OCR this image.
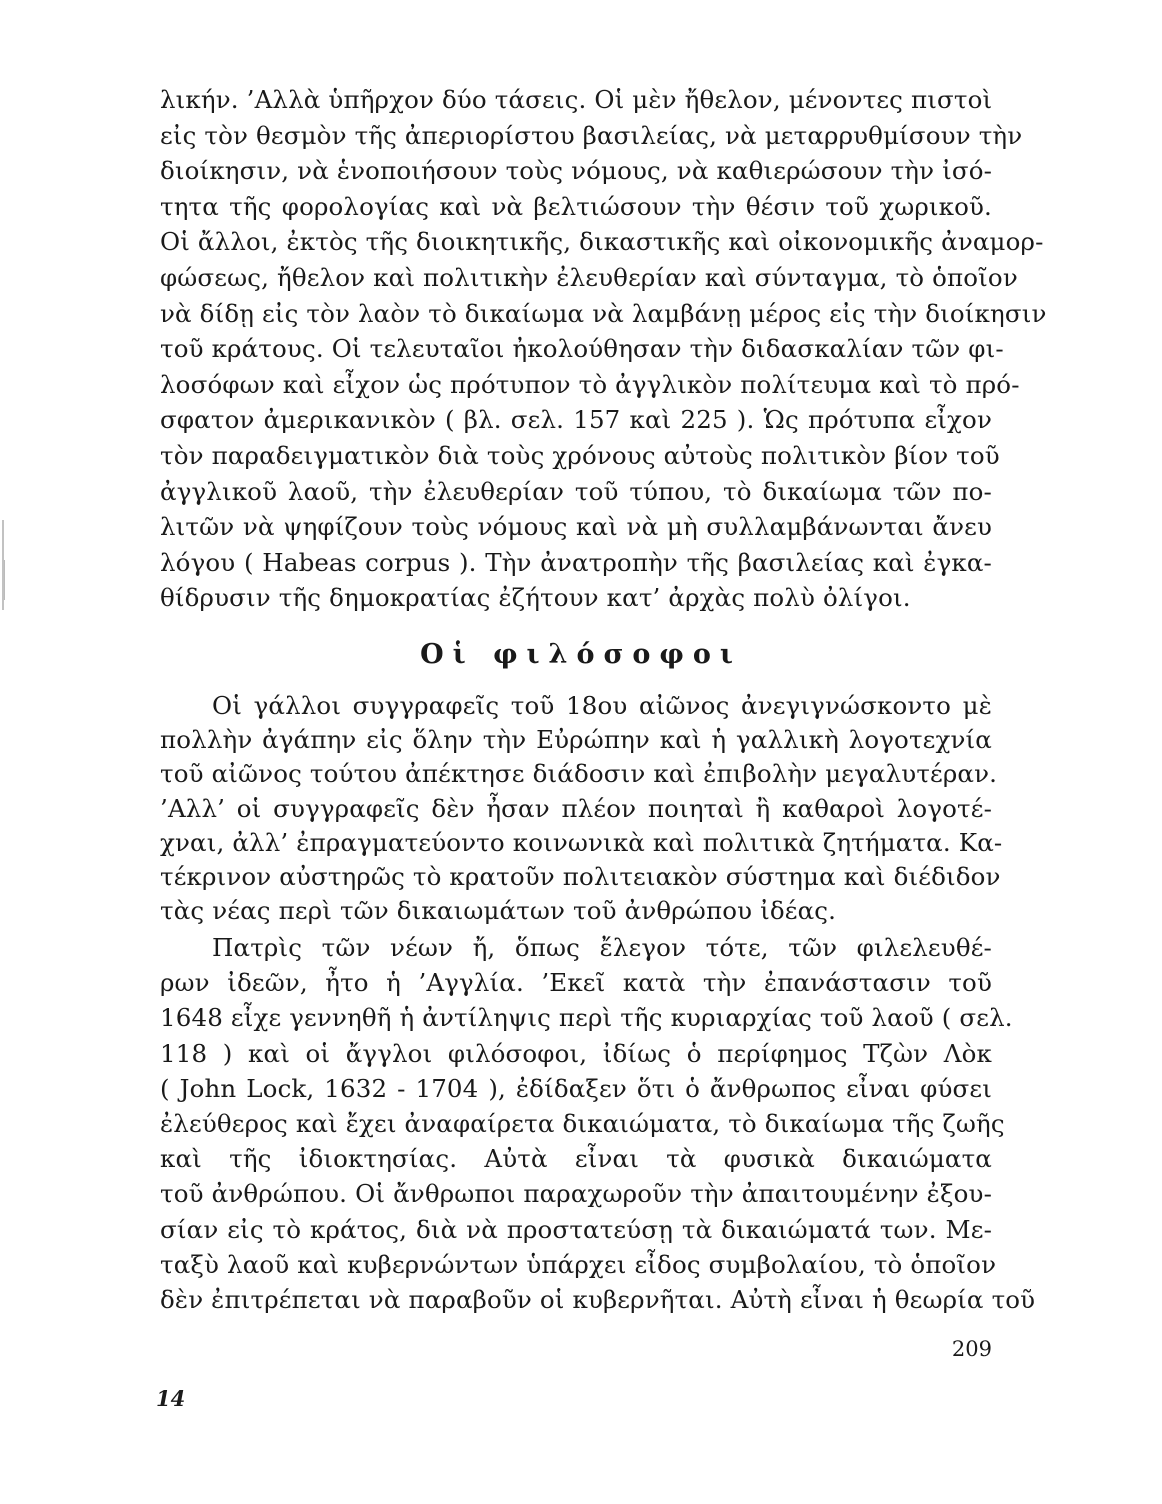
λικήν. ’Αλλὰ ὑπῆρχον δύο τάσεις. Οἱ μὲν ἤθελον, μένοντες πιστοὶ
εἰς τὸν θεσμὸν τῆς ἀπεριορίστου βασιλείας, νὰ μεταρρυθμίσουν τὴν
διοίκησιν, νὰ ἑνοποιήσουν τοὺς νόμους, νὰ καθιερώσουν τὴν ἰσό-
τητα τῆς φορολογίας καὶ νὰ βελτιώσουν τὴν θέσιν τοῦ χωρικοῦ.
Οἱ ἄλλοι, ἐκτὸς τῆς διοικητικῆς, δικαστικῆς καὶ οἰκονομικῆς ἀναμορ-
φώσεως, ἤθελον καὶ πολιτικὴν ἐλευθερίαν καὶ σύνταγμα, τὸ ὁποῖον
νὰ δίδῃ εἰς τὸν λαὸν τὸ δικαίωμα νὰ λαμβάνῃ μέρος εἰς τὴν διοίκησιν
τοῦ κράτους. Οἱ τελευταῖοι ἠκολούθησαν τὴν διδασκαλίαν τῶν φι-
λοσόφων καὶ εἶχον ὡς πρότυπον τὸ ἀγγλικὸν πολίτευμα καὶ τὸ πρό-
σφατον ἀμερικανικὸν ( βλ. σελ. 157 καὶ 225 ). Ὡς πρότυπα εἶχον
τὸν παραδειγματικὸν διὰ τοὺς χρόνους αὐτοὺς πολιτικὸν βίον τοῦ
ἀγγλικοῦ λαοῦ, τὴν ἐλευθερίαν τοῦ τύπου, τὸ δικαίωμα τῶν πο-
λιτῶν νὰ ψηφίζουν τοὺς νόμους καὶ νὰ μὴ συλλαμβάνωνται ἄνευ
λόγου ( Habeas corpus ). Τὴν ἀνατροπὴν τῆς βασιλείας καὶ ἐγκα-
θίδρυσιν τῆς δημοκρατίας ἐζήτουν κατ’ ἀρχὰς πολὺ ὀλίγοι.
Οἱ φιλόσοφοι
Οἱ γάλλοι συγγραφεῖς τοῦ 18ου αἰῶνος ἀνεγιγνώσκοντο μὲ
πολλὴν ἀγάπην εἰς ὅλην τὴν Εὐρώπην καὶ ἡ γαλλικὴ λογοτεχνία
τοῦ αἰῶνος τούτου ἀπέκτησε διάδοσιν καὶ ἐπιβολὴν μεγαλυτέραν.
’Αλλ’ οἱ συγγραφεῖς δὲν ἦσαν πλέον ποιηταὶ ἢ καθαροὶ λογοτέ-
χναι, ἀλλ’ ἐπραγματεύοντο κοινωνικὰ καὶ πολιτικὰ ζητήματα. Κα-
τέκρινον αὐστηρῶς τὸ κρατοῦν πολιτειακὸν σύστημα καὶ διέδιδον
τὰς νέας περὶ τῶν δικαιωμάτων τοῦ ἀνθρώπου ἰδέας.
Πατρὶς τῶν νέων ἤ, ὅπως ἔλεγον τότε, τῶν φιλελευθέ-
ρων ἰδεῶν, ἦτο ἡ ’Αγγλία. ’Εκεῖ κατὰ τὴν ἐπανάστασιν τοῦ
1648 εἶχε γεννηθῆ ἡ ἀντίληψις περὶ τῆς κυριαρχίας τοῦ λαοῦ ( σελ.
118 ) καὶ οἱ ἄγγλοι φιλόσοφοι, ἰδίως ὁ περίφημος Τζὼν Λὸκ
( John Lock, 1632 - 1704 ), ἐδίδαξεν ὅτι ὁ ἄνθρωπος εἶναι φύσει
ἐλεύθερος καὶ ἔχει ἀναφαίρετα δικαιώματα, τὸ δικαίωμα τῆς ζωῆς
καὶ τῆς ἰδιοκτησίας. Αὐτὰ εἶναι τὰ φυσικὰ δικαιώματα
τοῦ ἀνθρώπου. Οἱ ἄνθρωποι παραχωροῦν τὴν ἀπαιτουμένην ἐξου-
σίαν εἰς τὸ κράτος, διὰ νὰ προστατεύσῃ τὰ δικαιώματά των. Με-
ταξὺ λαοῦ καὶ κυβερνώντων ὑπάρχει εἶδος συμβολαίου, τὸ ὁποῖον
δὲν ἐπιτρέπεται νὰ παραβοῦν οἱ κυβερνῆται. Αὐτὴ εἶναι ἡ θεωρία τοῦ
209
14
